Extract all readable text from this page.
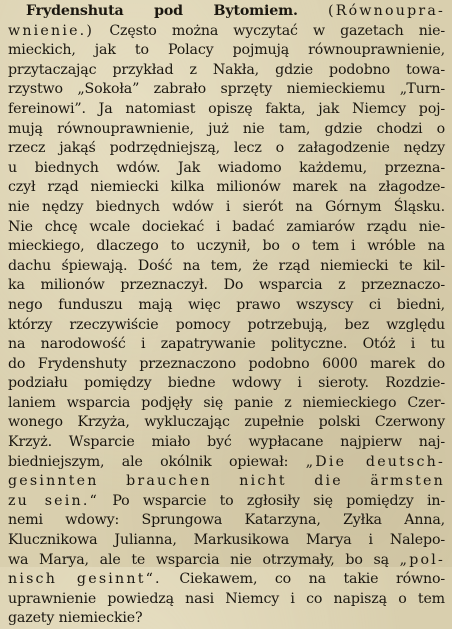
Frydenshuta pod Bytomiem. (Równoupra-
wnienie.) Często można wyczytać w gazetach nie-
mieckich, jak to Polacy pojmują równouprawnienie,
przytaczając przykład z Nakła, gdzie podobno towa-
rzystwo „Sokoła” zabrało sprzęty niemieckiemu „Turn-
fereinowi”. Ja natomiast opiszę fakta, jak Niemcy poj-
mują równouprawnienie, już nie tam, gdzie chodzi o
rzecz jakąś podrzędniejszą, lecz o załagodzenie nędzy
u biednych wdów. Jak wiadomo każdemu, przezna-
czył rząd niemiecki kilka milionów marek na złagodze-
nie nędzy biednych wdów i sierót na Górnym Śląsku.
Nie chcę wcale dociekać i badać zamiarów rządu nie-
mieckiego, dlaczego to uczynił, bo o tem i wróble na
dachu śpiewają. Dość na tem, że rząd niemiecki te kil-
ka milionów przeznaczył. Do wsparcia z przeznaczo-
nego funduszu mają więc prawo wszyscy ci biedni,
którzy rzeczywiście pomocy potrzebują, bez względu
na narodowość i zapatrywanie polityczne. Otóż i tu
do Frydenshuty przeznaczono podobno 6000 marek do
podziału pomiędzy biedne wdowy i sieroty. Rozdzie-
laniem wsparcia podjęły się panie z niemieckiego Czer-
wonego Krzyża, wykluczając zupełnie polski Czerwony
Krzyż. Wsparcie miało być wypłacane najpierw naj-
biedniejszym, ale okólnik opiewał: „Die deutsch-
gesinnten brauchen nicht die ärmsten
zu sein.“ Po wsparcie to zgłosiły się pomiędzy in-
nemi wdowy: Sprungowa Katarzyna, Zyłka Anna,
Klucznikowa Julianna, Markusikowa Marya i Nalepo-
wa Marya, ale te wsparcia nie otrzymały, bo są „pol-
nisch gesinnt“. Ciekawem, co na takie równo-
uprawnienie powiedzą nasi Niemcy i co napiszą o tem
gazety niemieckie?
